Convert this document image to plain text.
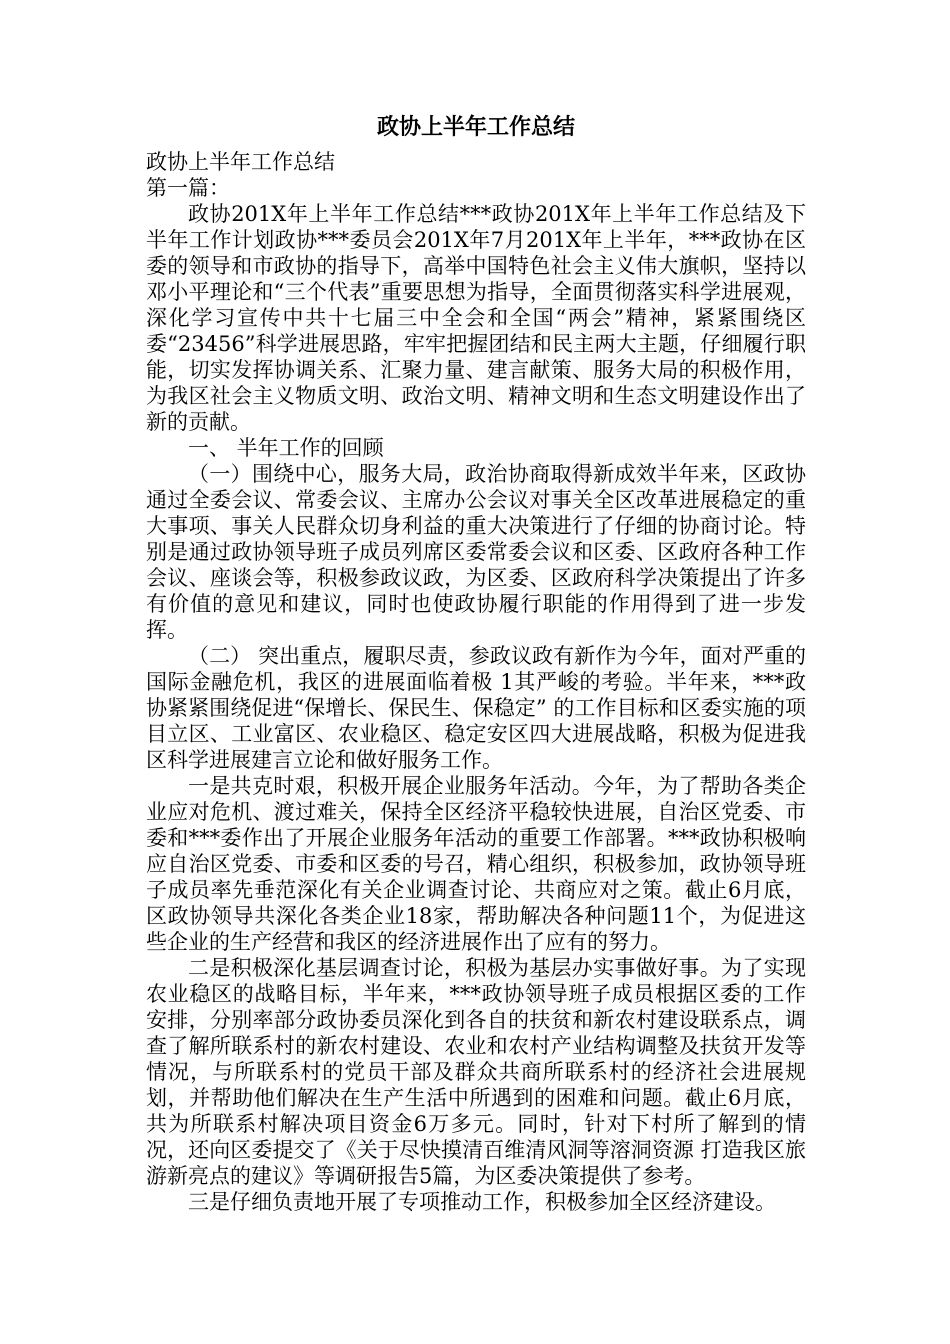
政协上半年工作总结
政协上半年工作总结
第一篇：

政协201X年上半年工作总结***政协201X年上半年工作总结及下半年工作计划政协***委员会201X年7月201X年上半年，***政协在区委的领导和市政协的指导下，高举中国特色社会主义伟大旗帜，坚持以邓小平理论和“三个代表”重要思想为指导，全面贯彻落实科学进展观，深化学习宣传中共十七届三中全会和全国“两会”精神，紧紧围绕区委“23456”科学进展思路，牢牢把握团结和民主两大主题，仔细履行职能，切实发挥协调关系、汇聚力量、建言献策、服务大局的积极作用，为我区社会主义物质文明、政治文明、精神文明和生态文明建设作出了新的贡献。

一、 半年工作的回顾

（一）围绕中心，服务大局，政治协商取得新成效半年来，区政协通过全委会议、常委会议、主席办公会议对事关全区改革进展稳定的重大事项、事关人民群众切身利益的重大决策进行了仔细的协商讨论。特别是通过政协领导班子成员列席区委常委会议和区委、区政府各种工作会议、座谈会等，积极参政议政，为区委、区政府科学决策提出了许多有价值的意见和建议，同时也使政协履行职能的作用得到了进一步发挥。

（二） 突出重点，履职尽责，参政议政有新作为今年，面对严重的国际金融危机，我区的进展面临着极 1其严峻的考验。半年来，***政协紧紧围绕促进“保增长、保民生、保稳定” 的工作目标和区委实施的项目立区、工业富区、农业稳区、稳定安区四大进展战略，积极为促进我区科学进展建言立论和做好服务工作。

一是共克时艰，积极开展企业服务年活动。今年，为了帮助各类企业应对危机、渡过难关，保持全区经济平稳较快进展，自治区党委、市委和***委作出了开展企业服务年活动的重要工作部署。***政协积极响应自治区党委、市委和区委的号召，精心组织，积极参加，政协领导班子成员率先垂范深化有关企业调查讨论、共商应对之策。截止6月底，区政协领导共深化各类企业18家，帮助解决各种问题11个，为促进这些企业的生产经营和我区的经济进展作出了应有的努力。

二是积极深化基层调查讨论，积极为基层办实事做好事。为了实现农业稳区的战略目标，半年来，***政协领导班子成员根据区委的工作安排，分别率部分政协委员深化到各自的扶贫和新农村建设联系点，调查了解所联系村的新农村建设、农业和农村产业结构调整及扶贫开发等情况，与所联系村的党员干部及群众共商所联系村的经济社会进展规划，并帮助他们解决在生产生活中所遇到的困难和问题。截止6月底，共为所联系村解决项目资金6万多元。同时，针对下村所了解到的情况，还向区委提交了《关于尽快摸清百维清风洞等溶洞资源 打造我区旅游新亮点的建议》等调研报告5篇，为区委决策提供了参考。

三是仔细负责地开展了专项推动工作，积极参加全区经济建设。
